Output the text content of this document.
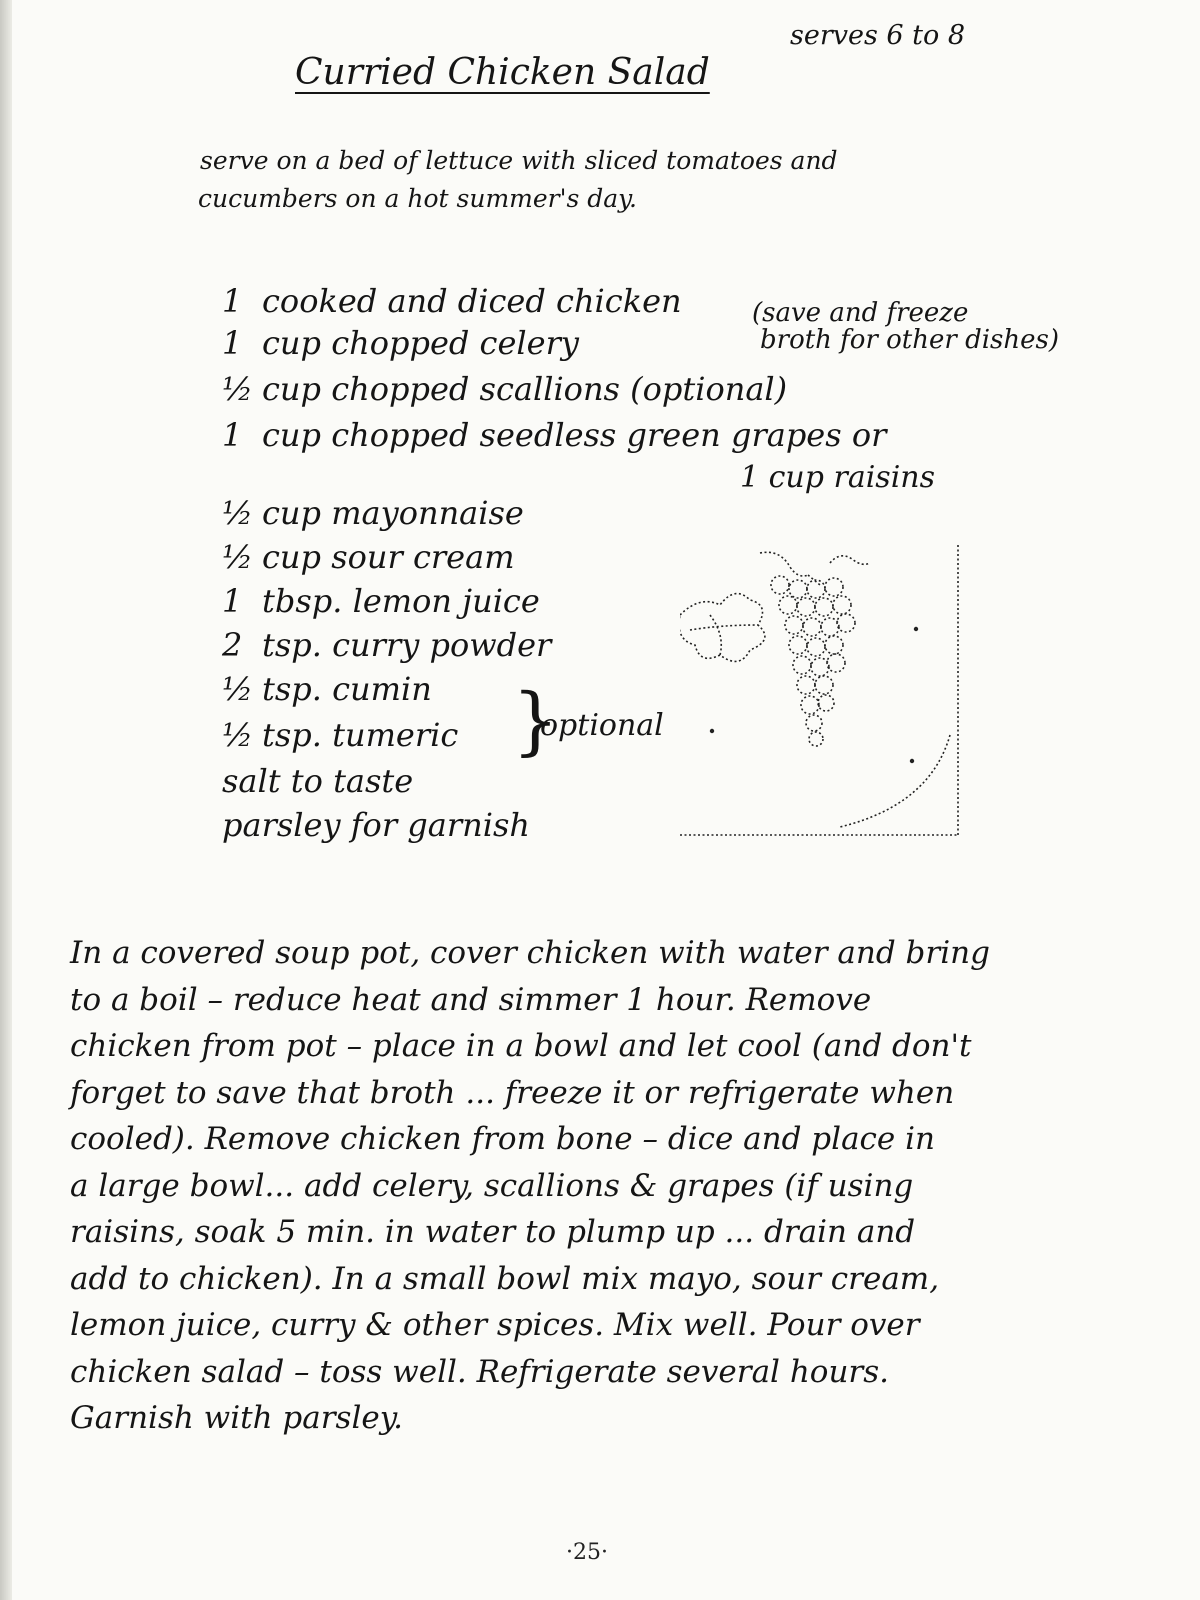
serves 6 to 8
Curried Chicken Salad
serve on a bed of lettuce with sliced tomatoes and
cucumbers on a hot summer's day.
1 cooked and diced chicken
1 cup chopped celery
½ cup chopped scallions (optional)
1 cup chopped seedless green grapes or
½ cup mayonnaise
½ cup sour cream
1 tbsp. lemon juice
2 tsp. curry powder
½ tsp. cumin
½ tsp. tumeric
salt to taste
parsley for garnish
(save and freeze
broth for other dishes)
1 cup raisins
}
optional
In a covered soup pot, cover chicken with water and bring
to a boil – reduce heat and simmer 1 hour. Remove
chicken from pot – place in a bowl and let cool (and don't
forget to save that broth ... freeze it or refrigerate when
cooled). Remove chicken from bone – dice and place in
a large bowl... add celery, scallions & grapes (if using
raisins, soak 5 min. in water to plump up ... drain and
add to chicken). In a small bowl mix mayo, sour cream,
lemon juice, curry & other spices. Mix well. Pour over
chicken salad – toss well. Refrigerate several hours.
Garnish with parsley.
·25·
